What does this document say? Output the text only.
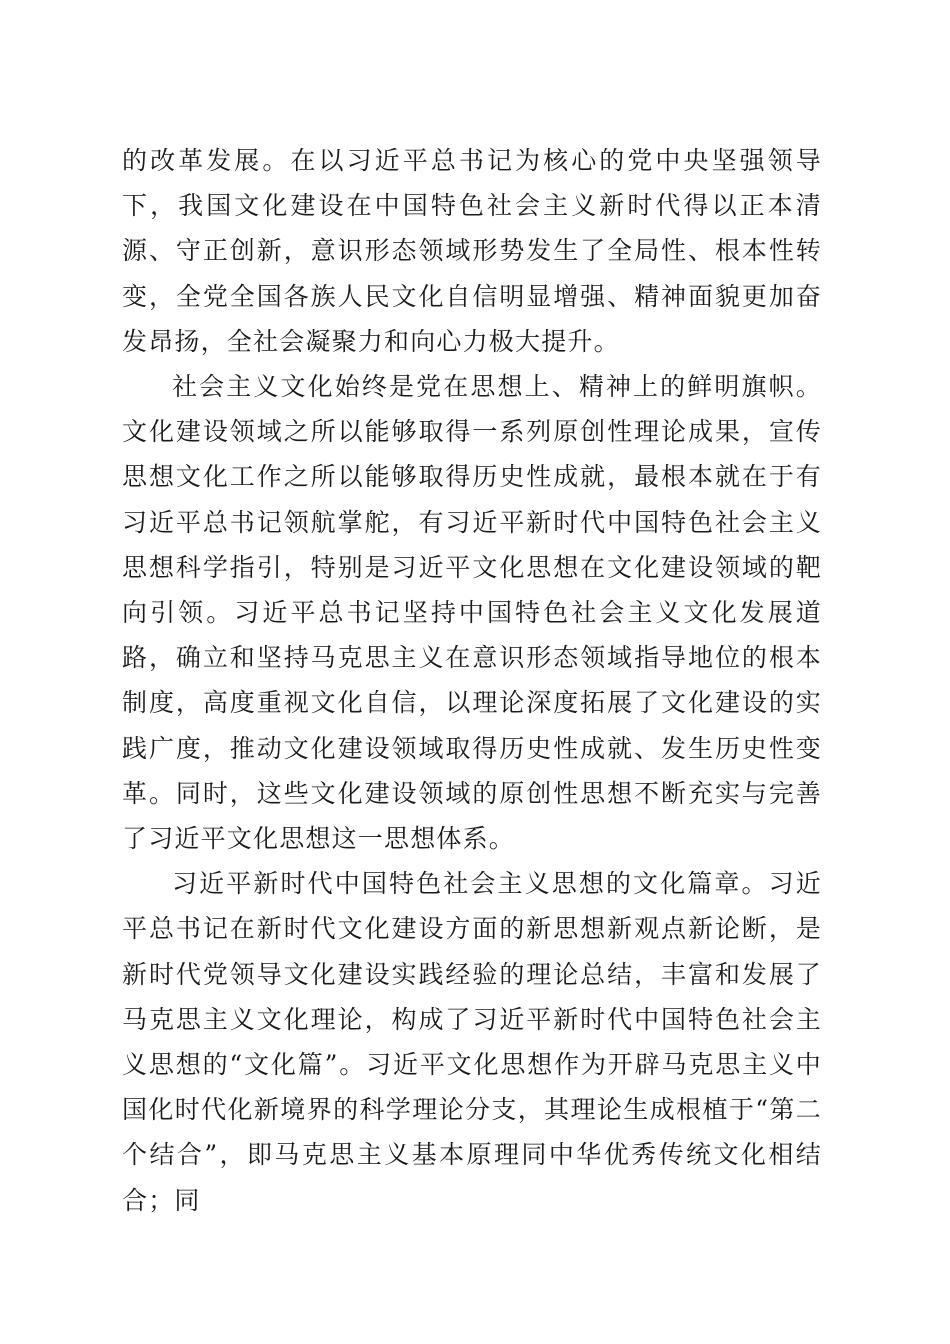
的改革发展。在以习近平总书记为核心的党中央坚强领导下，我国文化建设在中国特色社会主义新时代得以正本清源、守正创新，意识形态领域形势发生了全局性、根本性转变，全党全国各族人民文化自信明显增强、精神面貌更加奋发昂扬，全社会凝聚力和向心力极大提升。

社会主义文化始终是党在思想上、精神上的鲜明旗帜。文化建设领域之所以能够取得一系列原创性理论成果，宣传思想文化工作之所以能够取得历史性成就，最根本就在于有习近平总书记领航掌舵，有习近平新时代中国特色社会主义思想科学指引，特别是习近平文化思想在文化建设领域的靶向引领。习近平总书记坚持中国特色社会主义文化发展道路，确立和坚持马克思主义在意识形态领域指导地位的根本制度，高度重视文化自信，以理论深度拓展了文化建设的实践广度，推动文化建设领域取得历史性成就、发生历史性变革。同时，这些文化建设领域的原创性思想不断充实与完善了习近平文化思想这一思想体系。

习近平新时代中国特色社会主义思想的文化篇章。习近平总书记在新时代文化建设方面的新思想新观点新论断，是新时代党领导文化建设实践经验的理论总结，丰富和发展了马克思主义文化理论，构成了习近平新时代中国特色社会主义思想的“文化篇”。习近平文化思想作为开辟马克思主义中国化时代化新境界的科学理论分支，其理论生成根植于“第二个结合”，即马克思主义基本原理同中华优秀传统文化相结合；同
